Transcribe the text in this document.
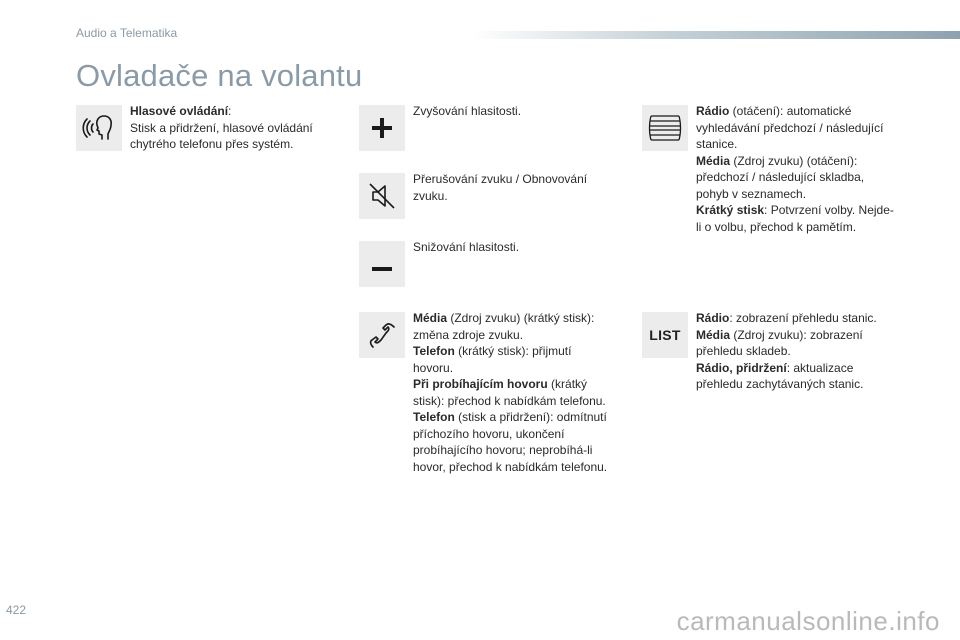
Audio a Telematika
Ovladače na volantu
Hlasové ovládání:
Stisk a přidržení, hlasové ovládání
chytrého telefonu přes systém.
Zvyšování hlasitosti.
Přerušování zvuku / Obnovování
zvuku.
Snižování hlasitosti.
Média (Zdroj zvuku) (krátký stisk):
změna zdroje zvuku.
Telefon (krátký stisk): přijmutí
hovoru.
Při probíhajícím hovoru (krátký
stisk): přechod k nabídkám telefonu.
Telefon (stisk a přidržení): odmítnutí
příchozího hovoru, ukončení
probíhajícího hovoru; neprobíhá-li
hovor, přechod k nabídkám telefonu.
Rádio (otáčení): automatické
vyhledávání předchozí / následující
stanice.
Média (Zdroj zvuku) (otáčení):
předchozí / následující skladba,
pohyb v seznamech.
Krátký stisk: Potvrzení volby. Nejde-
li o volbu, přechod k pamětím.
LIST
Rádio: zobrazení přehledu stanic.
Média (Zdroj zvuku): zobrazení
přehledu skladeb.
Rádio, přidržení: aktualizace
přehledu zachytávaných stanic.
422	carmanualsonline.info
